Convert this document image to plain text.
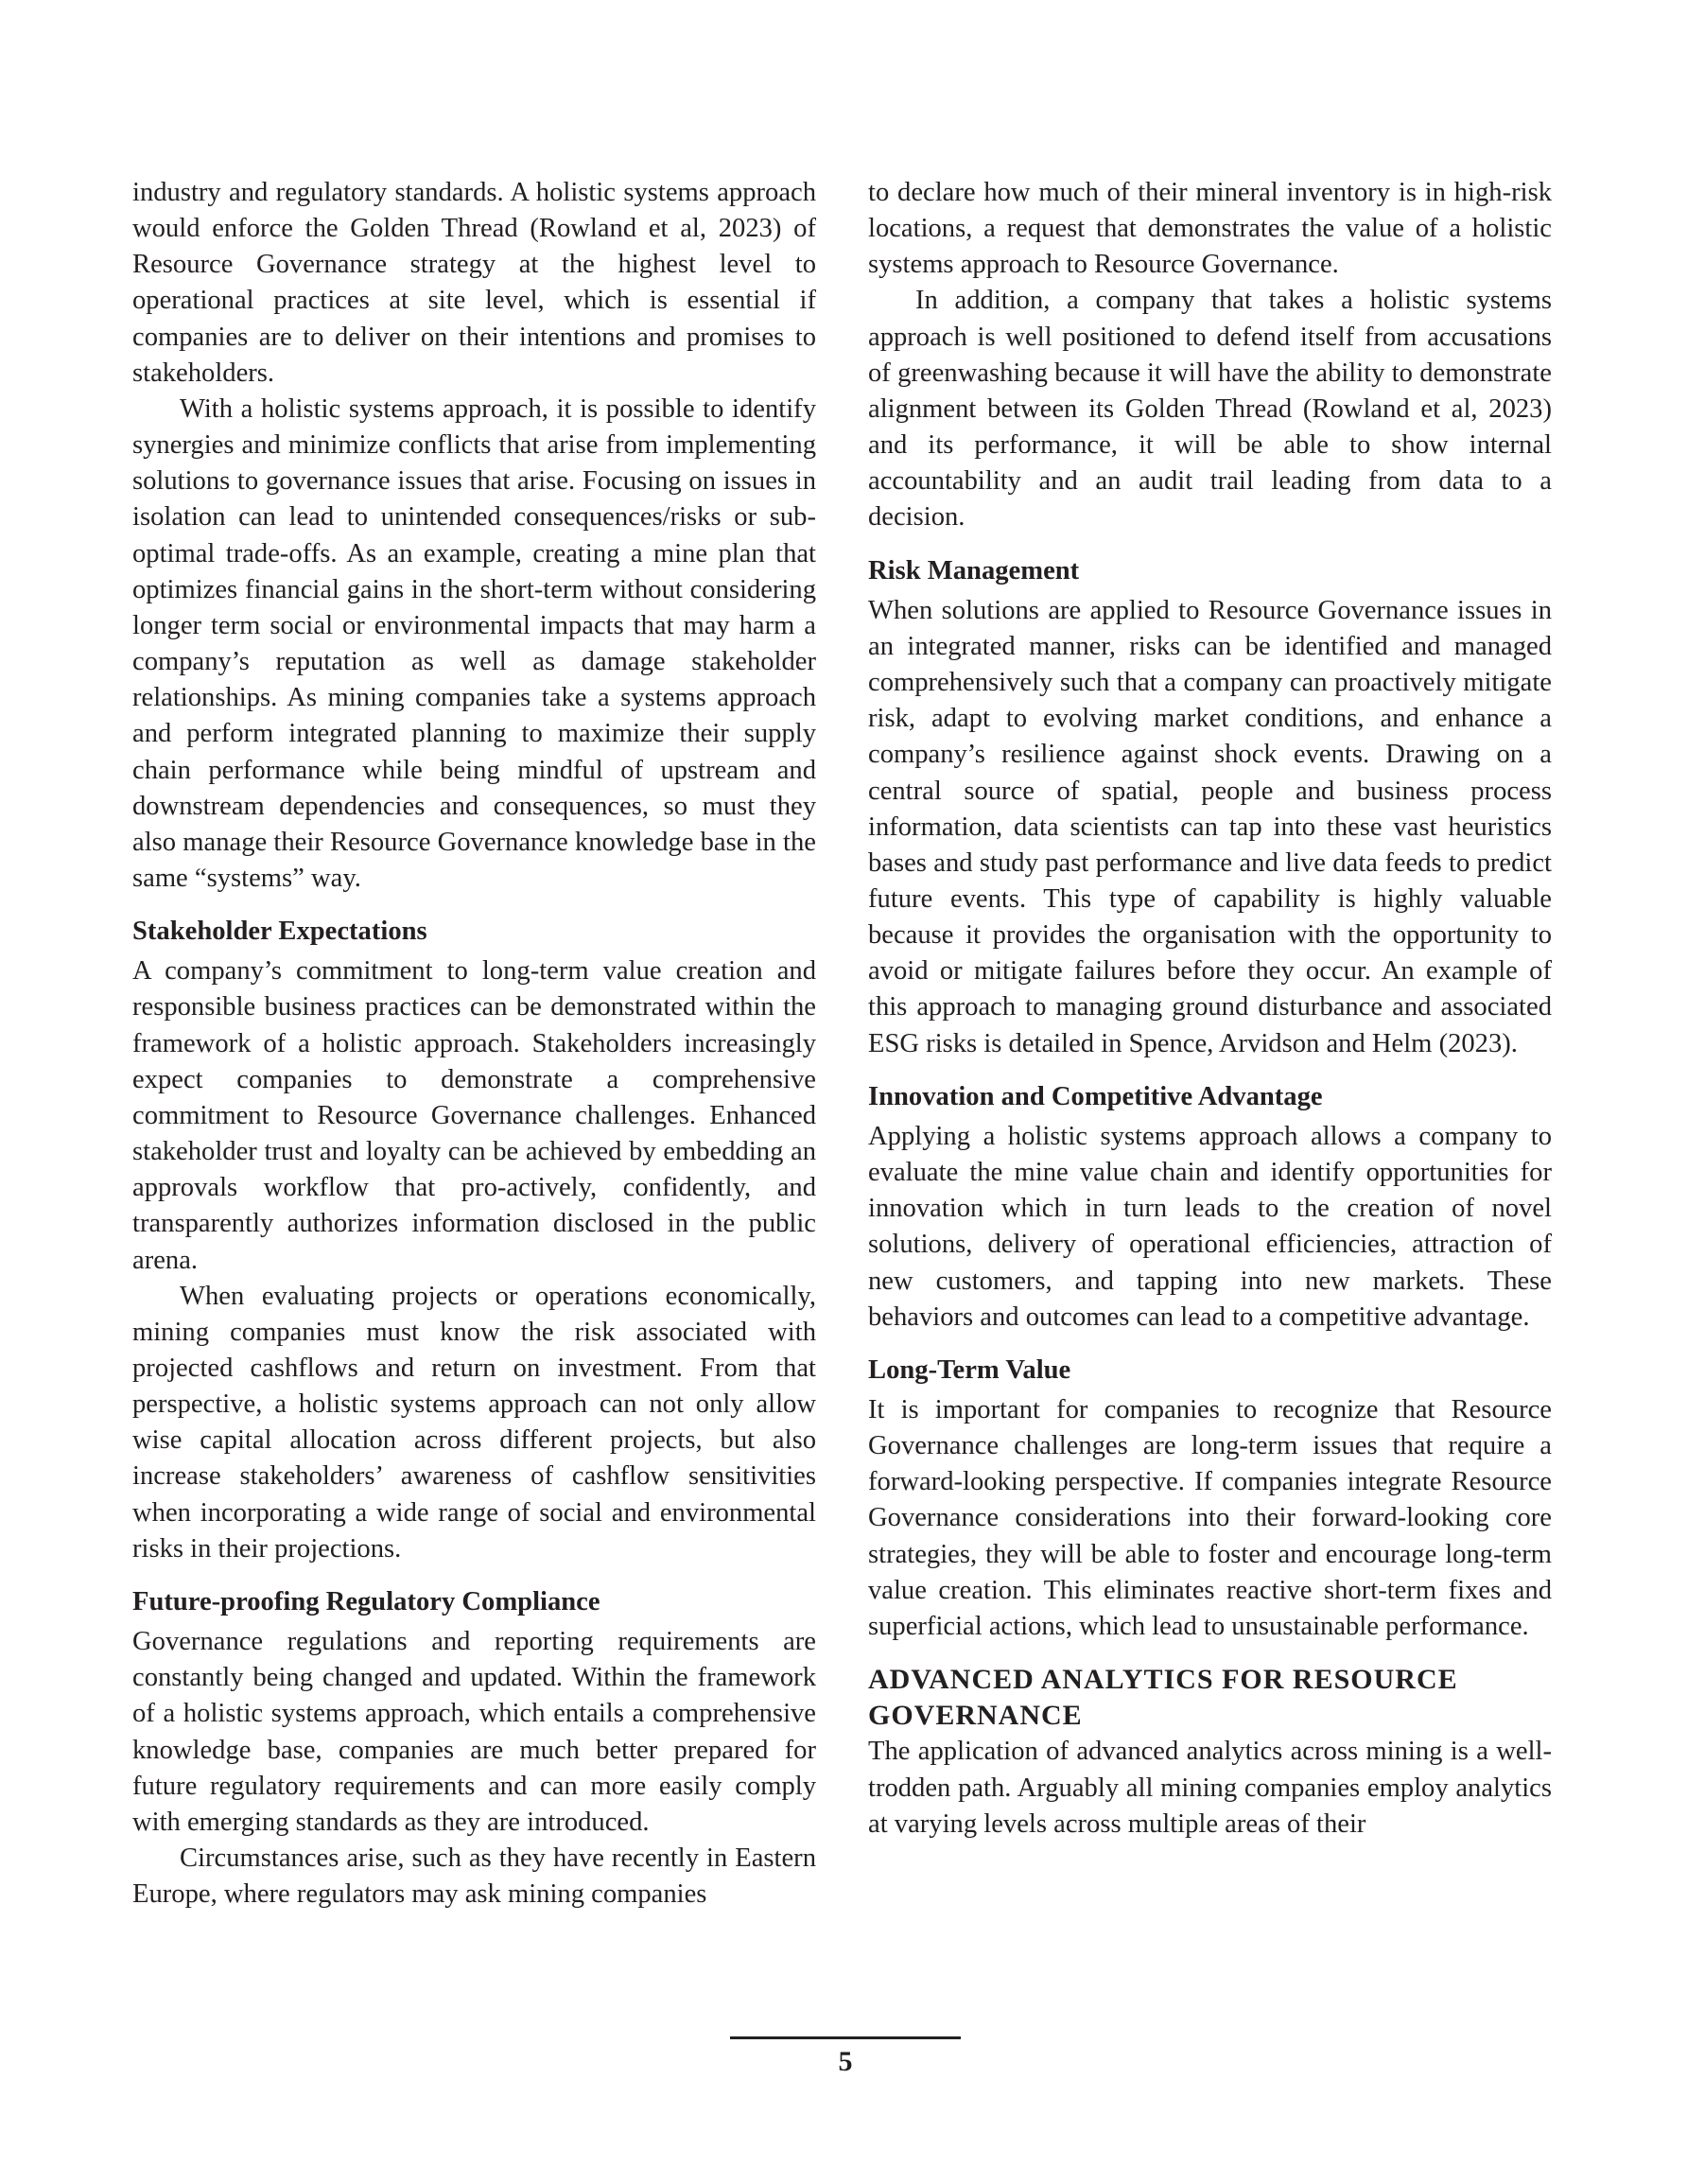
industry and regulatory standards. A holistic systems approach would enforce the Golden Thread (Rowland et al, 2023) of Resource Governance strategy at the highest level to operational practices at site level, which is essential if companies are to deliver on their intentions and promises to stakeholders.

With a holistic systems approach, it is possible to identify synergies and minimize conflicts that arise from implementing solutions to governance issues that arise. Focusing on issues in isolation can lead to unintended consequences/risks or sub-optimal trade-offs. As an example, creating a mine plan that optimizes financial gains in the short-term without considering longer term social or environmental impacts that may harm a company’s reputation as well as damage stakeholder relationships. As mining companies take a systems approach and perform integrated planning to maximize their supply chain performance while being mindful of upstream and downstream dependencies and consequences, so must they also manage their Resource Governance knowledge base in the same “systems” way.

Stakeholder Expectations

A company’s commitment to long-term value creation and responsible business practices can be demonstrated within the framework of a holistic approach. Stakeholders increasingly expect companies to demonstrate a comprehensive commitment to Resource Governance challenges. Enhanced stakeholder trust and loyalty can be achieved by embedding an approvals workflow that pro-actively, confidently, and transparently authorizes information disclosed in the public arena.

When evaluating projects or operations economically, mining companies must know the risk associated with projected cashflows and return on investment. From that perspective, a holistic systems approach can not only allow wise capital allocation across different projects, but also increase stakeholders’ awareness of cashflow sensitivities when incorporating a wide range of social and environmental risks in their projections.

Future-proofing Regulatory Compliance

Governance regulations and reporting requirements are constantly being changed and updated. Within the framework of a holistic systems approach, which entails a comprehensive knowledge base, companies are much better prepared for future regulatory requirements and can more easily comply with emerging standards as they are introduced.

Circumstances arise, such as they have recently in Eastern Europe, where regulators may ask mining companies

to declare how much of their mineral inventory is in high-risk locations, a request that demonstrates the value of a holistic systems approach to Resource Governance.

In addition, a company that takes a holistic systems approach is well positioned to defend itself from accusations of greenwashing because it will have the ability to demonstrate alignment between its Golden Thread (Rowland et al, 2023) and its performance, it will be able to show internal accountability and an audit trail leading from data to a decision.

Risk Management

When solutions are applied to Resource Governance issues in an integrated manner, risks can be identified and managed comprehensively such that a company can proactively mitigate risk, adapt to evolving market conditions, and enhance a company’s resilience against shock events. Drawing on a central source of spatial, people and business process information, data scientists can tap into these vast heuristics bases and study past performance and live data feeds to predict future events. This type of capability is highly valuable because it provides the organisation with the opportunity to avoid or mitigate failures before they occur. An example of this approach to managing ground disturbance and associated ESG risks is detailed in Spence, Arvidson and Helm (2023).

Innovation and Competitive Advantage

Applying a holistic systems approach allows a company to evaluate the mine value chain and identify opportunities for innovation which in turn leads to the creation of novel solutions, delivery of operational efficiencies, attraction of new customers, and tapping into new markets. These behaviors and outcomes can lead to a competitive advantage.

Long-Term Value

It is important for companies to recognize that Resource Governance challenges are long-term issues that require a forward-looking perspective. If companies integrate Resource Governance considerations into their forward-looking core strategies, they will be able to foster and encourage long-term value creation. This eliminates reactive short-term fixes and superficial actions, which lead to unsustainable performance.

ADVANCED ANALYTICS FOR RESOURCE GOVERNANCE

The application of advanced analytics across mining is a well-trodden path. Arguably all mining companies employ analytics at varying levels across multiple areas of their

5
